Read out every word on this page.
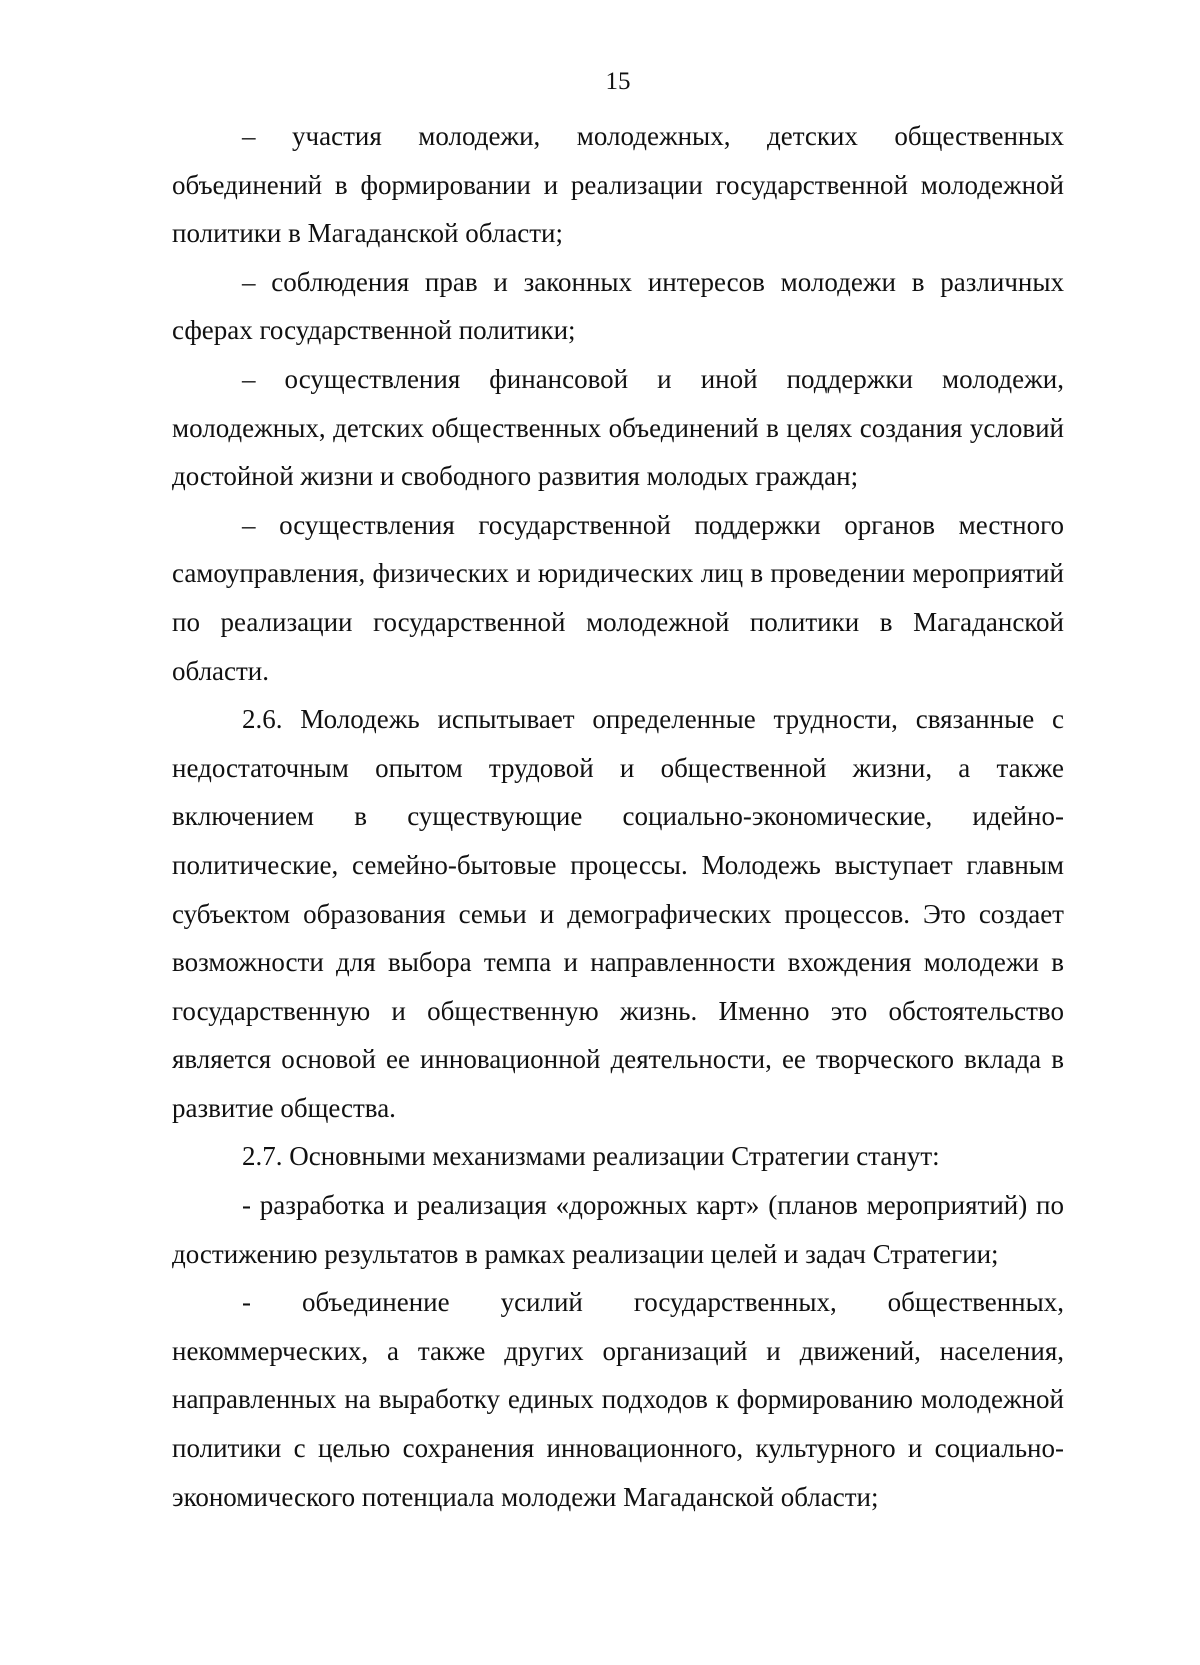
15

– участия молодежи, молодежных, детских общественных объединений в формировании и реализации государственной молодежной политики в Магаданской области;

– соблюдения прав и законных интересов молодежи в различных сферах государственной политики;

– осуществления финансовой и иной поддержки молодежи, молодежных, детских общественных объединений в целях создания условий достойной жизни и свободного развития молодых граждан;

– осуществления государственной поддержки органов местного самоуправления, физических и юридических лиц в проведении мероприятий по реализации государственной молодежной политики в Магаданской области.

2.6. Молодежь испытывает определенные трудности, связанные с недостаточным опытом трудовой и общественной жизни, а также включением в существующие социально-экономические, идейно-политические, семейно-бытовые процессы. Молодежь выступает главным субъектом образования семьи и демографических процессов. Это создает возможности для выбора темпа и направленности вхождения молодежи в государственную и общественную жизнь. Именно это обстоятельство является основой ее инновационной деятельности, ее творческого вклада в развитие общества.

2.7. Основными механизмами реализации Стратегии станут:

- разработка и реализация «дорожных карт» (планов мероприятий) по достижению результатов в рамках реализации целей и задач Стратегии;

- объединение усилий государственных, общественных, некоммерческих, а также других организаций и движений, населения, направленных на выработку единых подходов к формированию молодежной политики с целью сохранения инновационного, культурного и социально-экономического потенциала молодежи Магаданской области;
